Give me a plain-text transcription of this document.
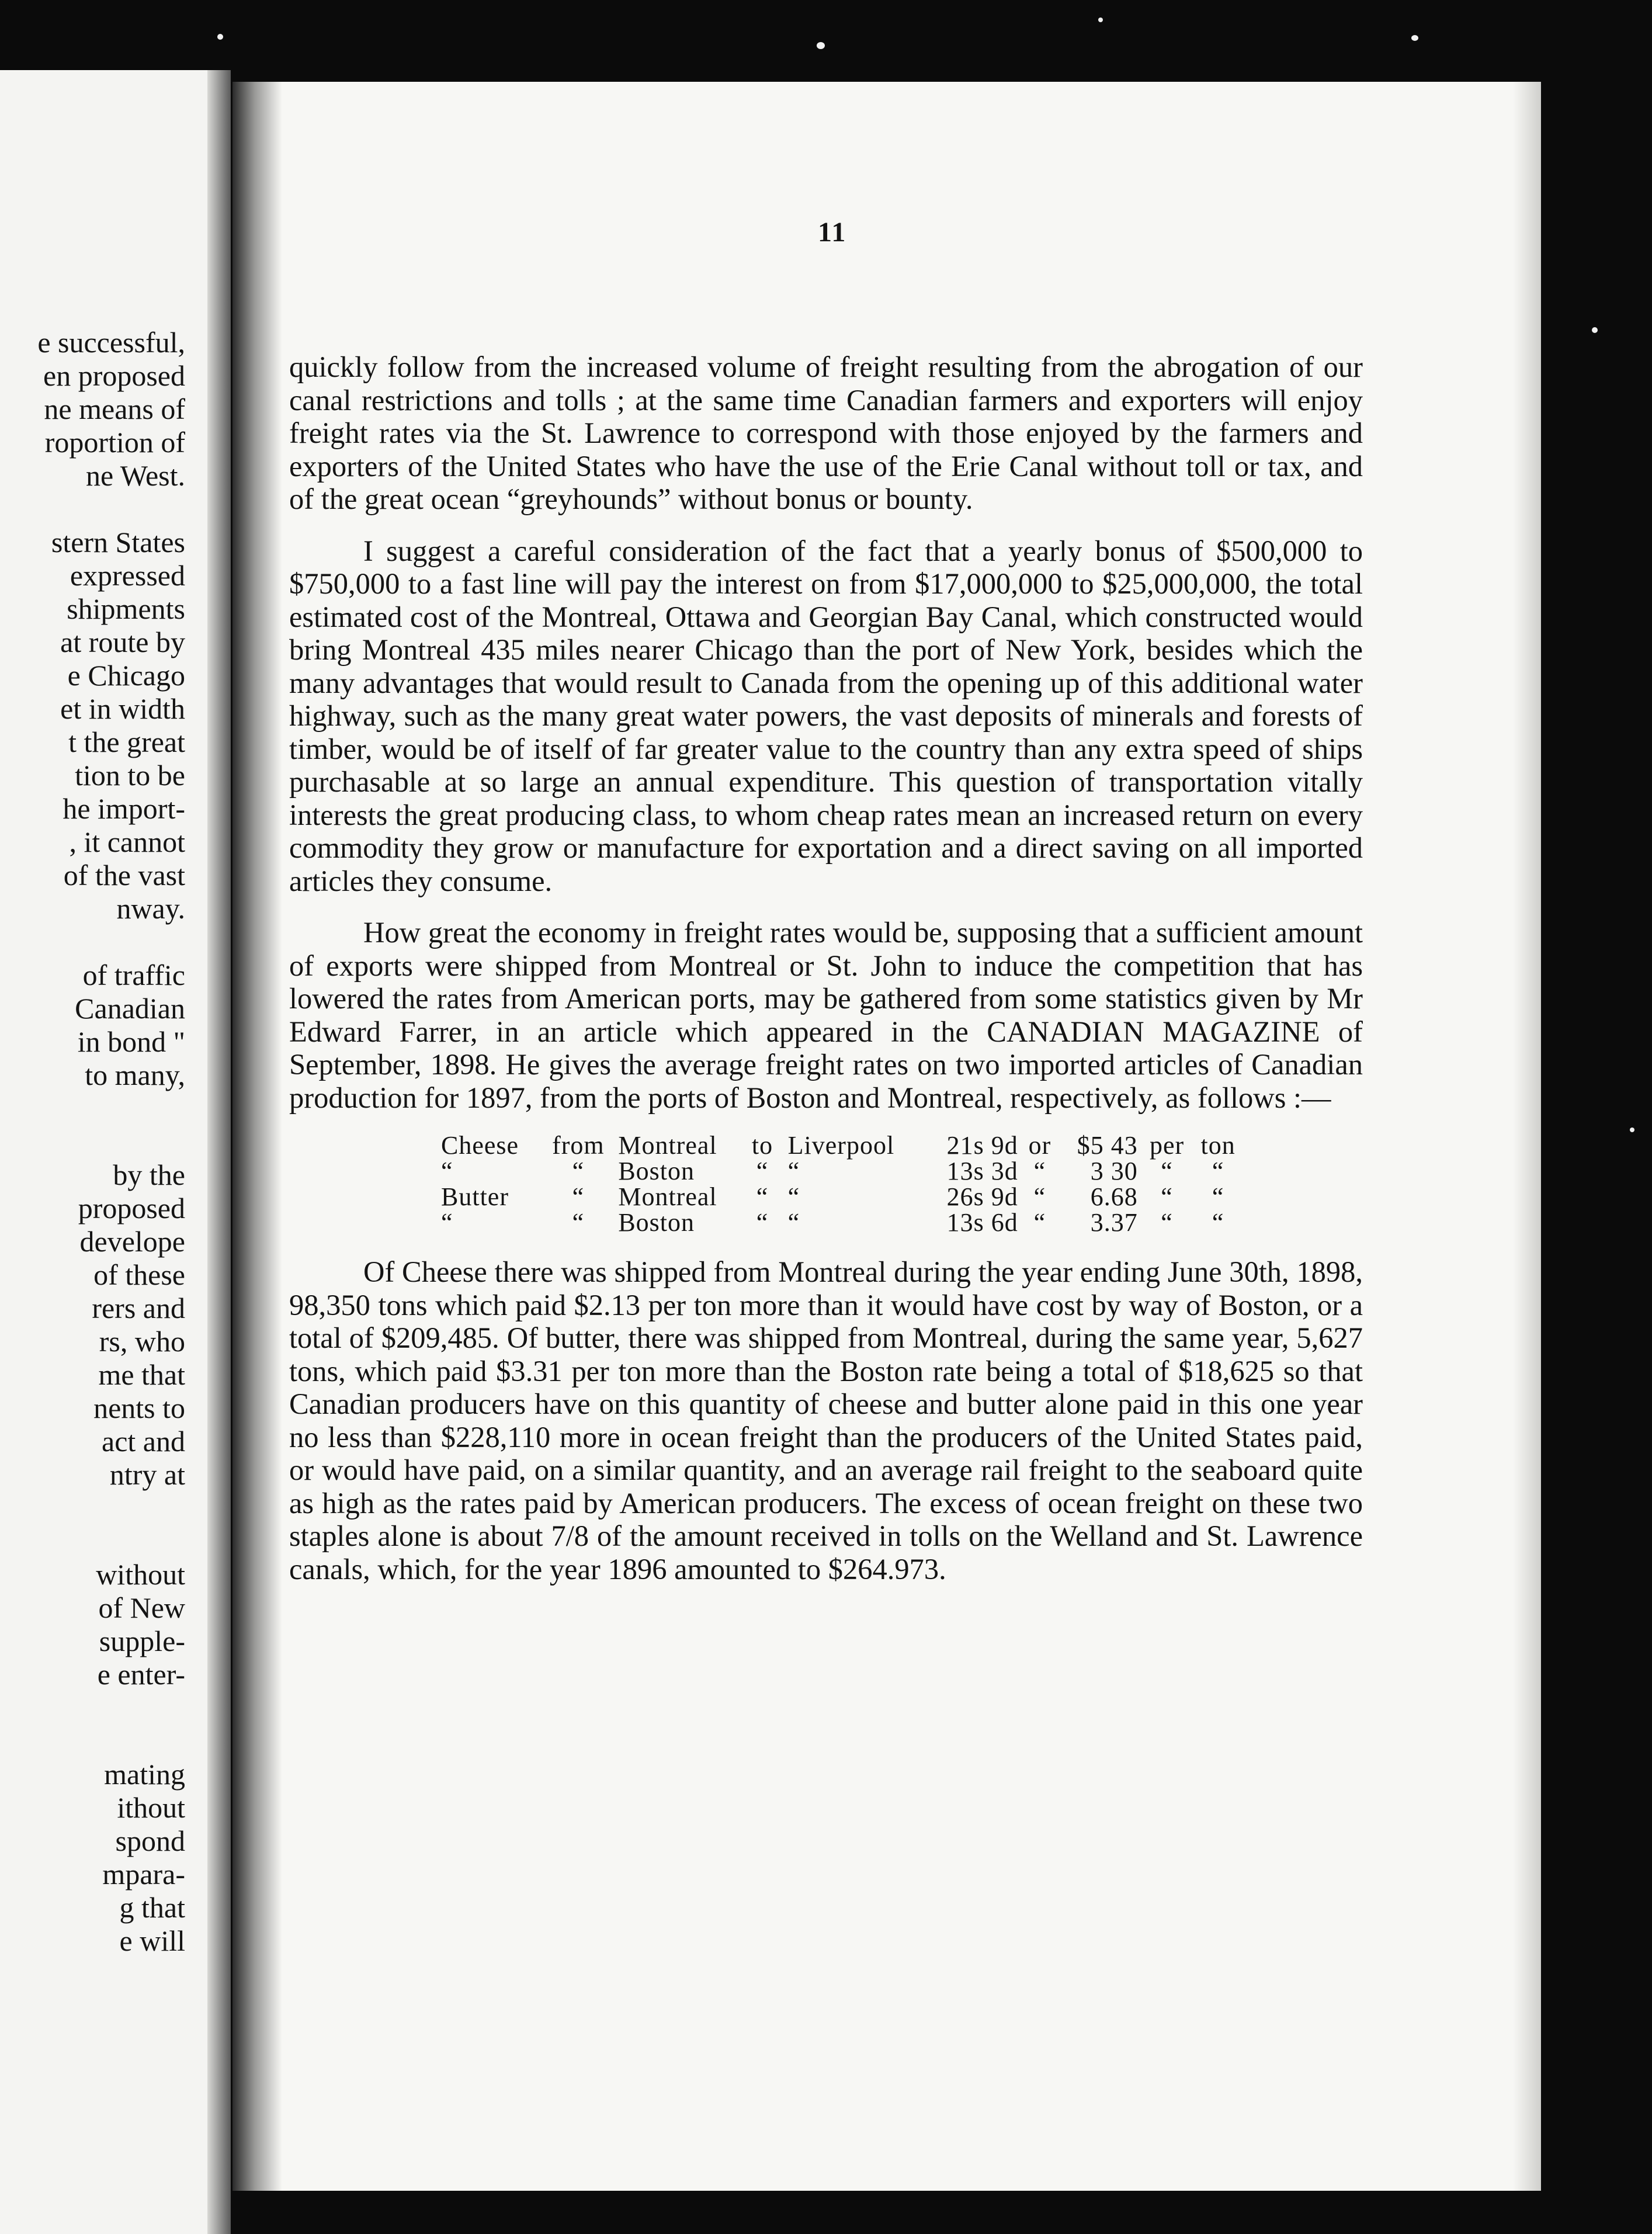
e successful,
en proposed
ne means of
roportion of
ne West.

stern States
expressed
shipments
at route by
e Chicago
et in width
t the great
tion to be
he import-
, it cannot
of the vast
nway.

of traffic
Canadian
in bond "
to many,

by the
proposed
develope
of these
rers and
rs, who
me that
nents to
act and
ntry at

without
of New
supple-
e enter-

mating
ithout
spond
mpara-
g that
e will
11

quickly follow from the increased volume of freight resulting from the abrogation of our canal restrictions and tolls ; at the same time Canadian farmers and exporters will enjoy freight rates via the St. Lawrence to correspond with those enjoyed by the farmers and exporters of the United States who have the use of the Erie Canal without toll or tax, and of the great ocean “greyhounds” without bonus or bounty.

I suggest a careful consideration of the fact that a yearly bonus of $500,000 to $750,000 to a fast line will pay the interest on from $17,000,000 to $25,000,000, the total estimated cost of the Montreal, Ottawa and Georgian Bay Canal, which constructed would bring Montreal 435 miles nearer Chicago than the port of New York, besides which the many advantages that would result to Canada from the opening up of this additional water highway, such as the many great water powers, the vast deposits of minerals and forests of timber, would be of itself of far greater value to the country than any extra speed of ships purchasable at so large an annual expenditure. This question of transportation vitally interests the great producing class, to whom cheap rates mean an increased return on every commodity they grow or manufacture for exportation and a direct saving on all imported articles they consume.

How great the economy in freight rates would be, supposing that a sufficient amount of exports were shipped from Montreal or St. John to induce the competition that has lowered the rates from American ports, may be gathered from some statistics given by Mr Edward Farrer, in an article which appeared in the CANADIAN MAGAZINE of September, 1898. He gives the average freight rates on two imported articles of Canadian production for 1897, from the ports of Boston and Montreal, respectively, as follows :—

Cheese	from	Montreal	to	Liverpool	21s 9d	or	$5 43	per	ton
“	“	Boston	“	“	13s 3d	“	3 30	“	“
Butter	“	Montreal	“	“	26s 9d	“	6.68	“	“
“	“	Boston	“	“	13s 6d	“	3.37	“	“

Of Cheese there was shipped from Montreal during the year ending June 30th, 1898, 98,350 tons which paid $2.13 per ton more than it would have cost by way of Boston, or a total of $209,485. Of butter, there was shipped from Montreal, during the same year, 5,627 tons, which paid $3.31 per ton more than the Boston rate being a total of $18,625 so that Canadian producers have on this quantity of cheese and butter alone paid in this one year no less than $228,110 more in ocean freight than the producers of the United States paid, or would have paid, on a similar quantity, and an average rail freight to the seaboard quite as high as the rates paid by American producers. The excess of ocean freight on these two staples alone is about 7/8 of the amount received in tolls on the Welland and St. Lawrence canals, which, for the year 1896 amounted to $264.973.
